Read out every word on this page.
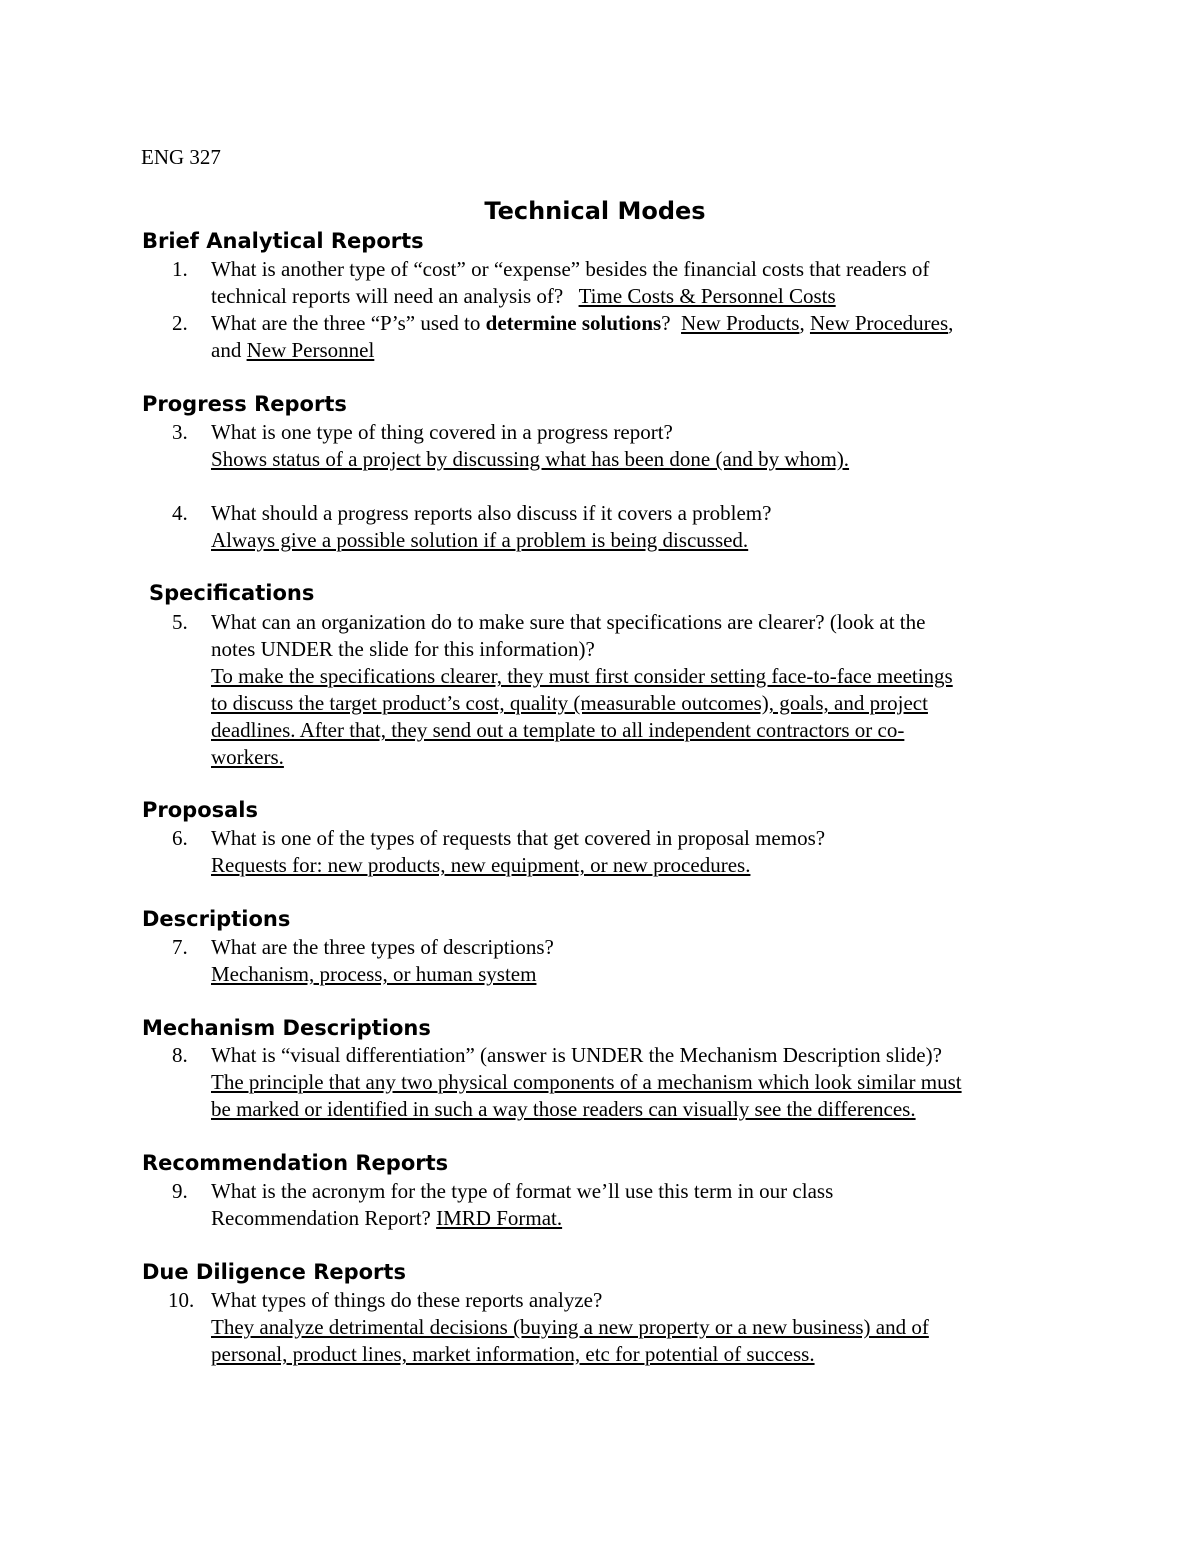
ENG 327
Technical Modes
Brief Analytical Reports
1.	What is another type of “cost” or “expense” besides the financial costs that readers of
technical reports will need an analysis of? Time Costs & Personnel Costs
2.	What are the three “P’s” used to determine solutions? New Products, New Procedures,
and New Personnel
Progress Reports
3.	What is one type of thing covered in a progress report?
Shows status of a project by discussing what has been done (and by whom).
4.	What should a progress reports also discuss if it covers a problem?
Always give a possible solution if a problem is being discussed.
Specifications
5.	What can an organization do to make sure that specifications are clearer? (look at the
notes UNDER the slide for this information)?
To make the specifications clearer, they must first consider setting face-to-face meetings
to discuss the target product’s cost, quality (measurable outcomes), goals, and project
deadlines. After that, they send out a template to all independent contractors or co-
workers.
Proposals
6.	What is one of the types of requests that get covered in proposal memos?
Requests for: new products, new equipment, or new procedures.
Descriptions
7.	What are the three types of descriptions?
Mechanism, process, or human system
Mechanism Descriptions
8.	What is “visual differentiation” (answer is UNDER the Mechanism Description slide)?
The principle that any two physical components of a mechanism which look similar must
be marked or identified in such a way those readers can visually see the differences.
Recommendation Reports
9.	What is the acronym for the type of format we’ll use this term in our class
Recommendation Report? IMRD Format.
Due Diligence Reports
10. What types of things do these reports analyze?
They analyze detrimental decisions (buying a new property or a new business) and of
personal, product lines, market information, etc for potential of success.
